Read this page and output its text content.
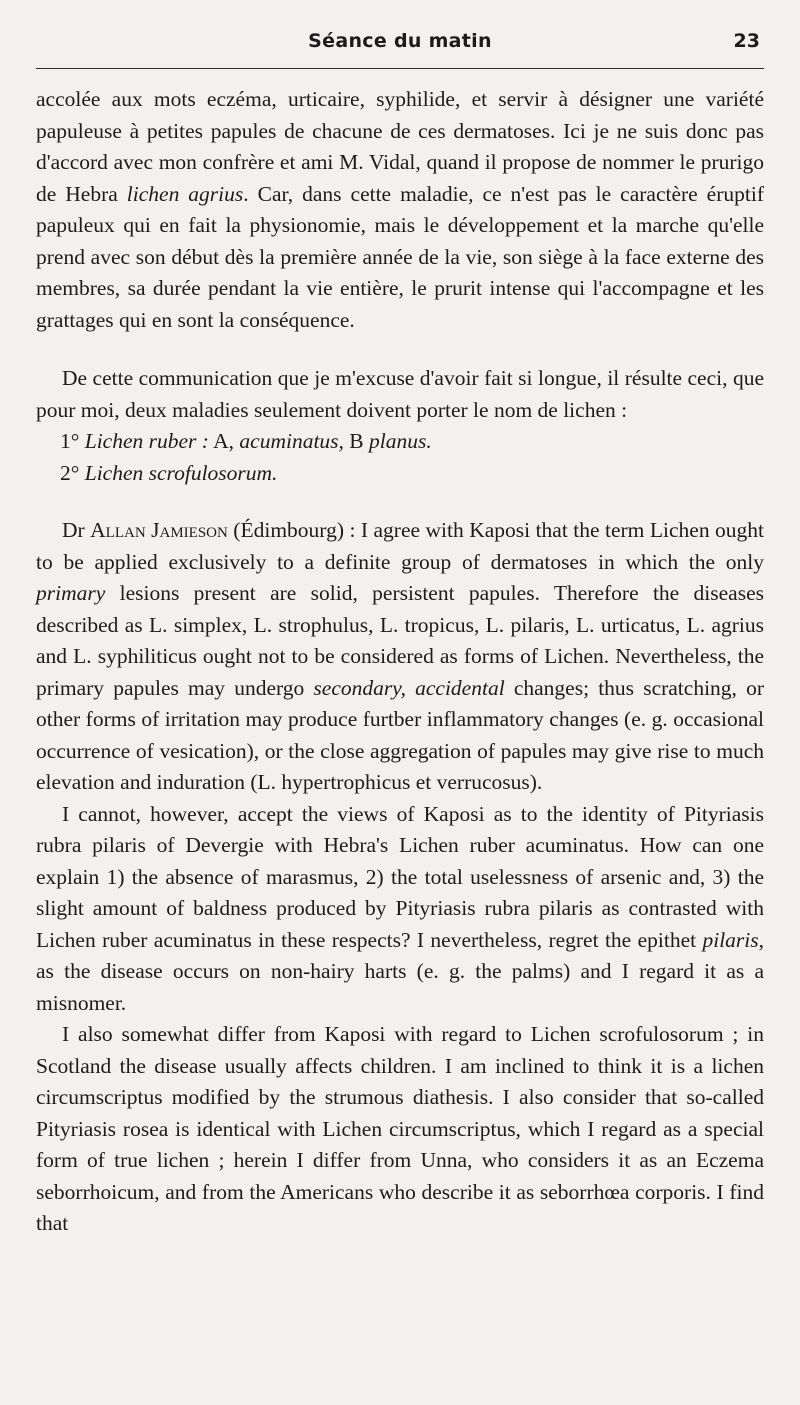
Séance du matin	23

accolée aux mots eczéma, urticaire, syphilide, et servir à désigner une variété papuleuse à petites papules de chacune de ces dermatoses. Ici je ne suis donc pas d'accord avec mon confrère et ami M. Vidal, quand il propose de nommer le prurigo de Hebra lichen agrius. Car, dans cette maladie, ce n'est pas le caractère éruptif papuleux qui en fait la physionomie, mais le développement et la marche qu'elle prend avec son début dès la première année de la vie, son siège à la face externe des membres, sa durée pendant la vie entière, le prurit intense qui l'accompagne et les grattages qui en sont la conséquence.

De cette communication que je m'excuse d'avoir fait si longue, il résulte ceci, que pour moi, deux maladies seulement doivent porter le nom de lichen :

1° Lichen ruber : A, acuminatus, B planus.

2° Lichen scrofulosorum.

Dr Allan Jamieson (Édimbourg) : I agree with Kaposi that the term Lichen ought to be applied exclusively to a definite group of dermatoses in which the only primary lesions present are solid, persistent papules. Therefore the diseases described as L. simplex, L. strophulus, L. tropicus, L. pilaris, L. urticatus, L. agrius and L. syphiliticus ought not to be considered as forms of Lichen. Nevertheless, the primary papules may undergo secondary, accidental changes; thus scratching, or other forms of irritation may produce furtber inflammatory changes (e. g. occasional occurrence of vesication), or the close aggregation of papules may give rise to much elevation and induration (L. hypertrophicus et verrucosus).

I cannot, however, accept the views of Kaposi as to the identity of Pityriasis rubra pilaris of Devergie with Hebra's Lichen ruber acuminatus. How can one explain 1) the absence of marasmus, 2) the total uselessness of arsenic and, 3) the slight amount of baldness produced by Pityriasis rubra pilaris as contrasted with Lichen ruber acuminatus in these respects? I nevertheless, regret the epithet pilaris, as the disease occurs on non-hairy harts (e. g. the palms) and I regard it as a misnomer.

I also somewhat differ from Kaposi with regard to Lichen scrofulosorum ; in Scotland the disease usually affects children. I am inclined to think it is a lichen circumscriptus modified by the strumous diathesis. I also consider that so-called Pityriasis rosea is identical with Lichen circumscriptus, which I regard as a special form of true lichen ; herein I differ from Unna, who considers it as an Eczema seborrhoicum, and from the Americans who describe it as seborrhœa corporis. I find that
